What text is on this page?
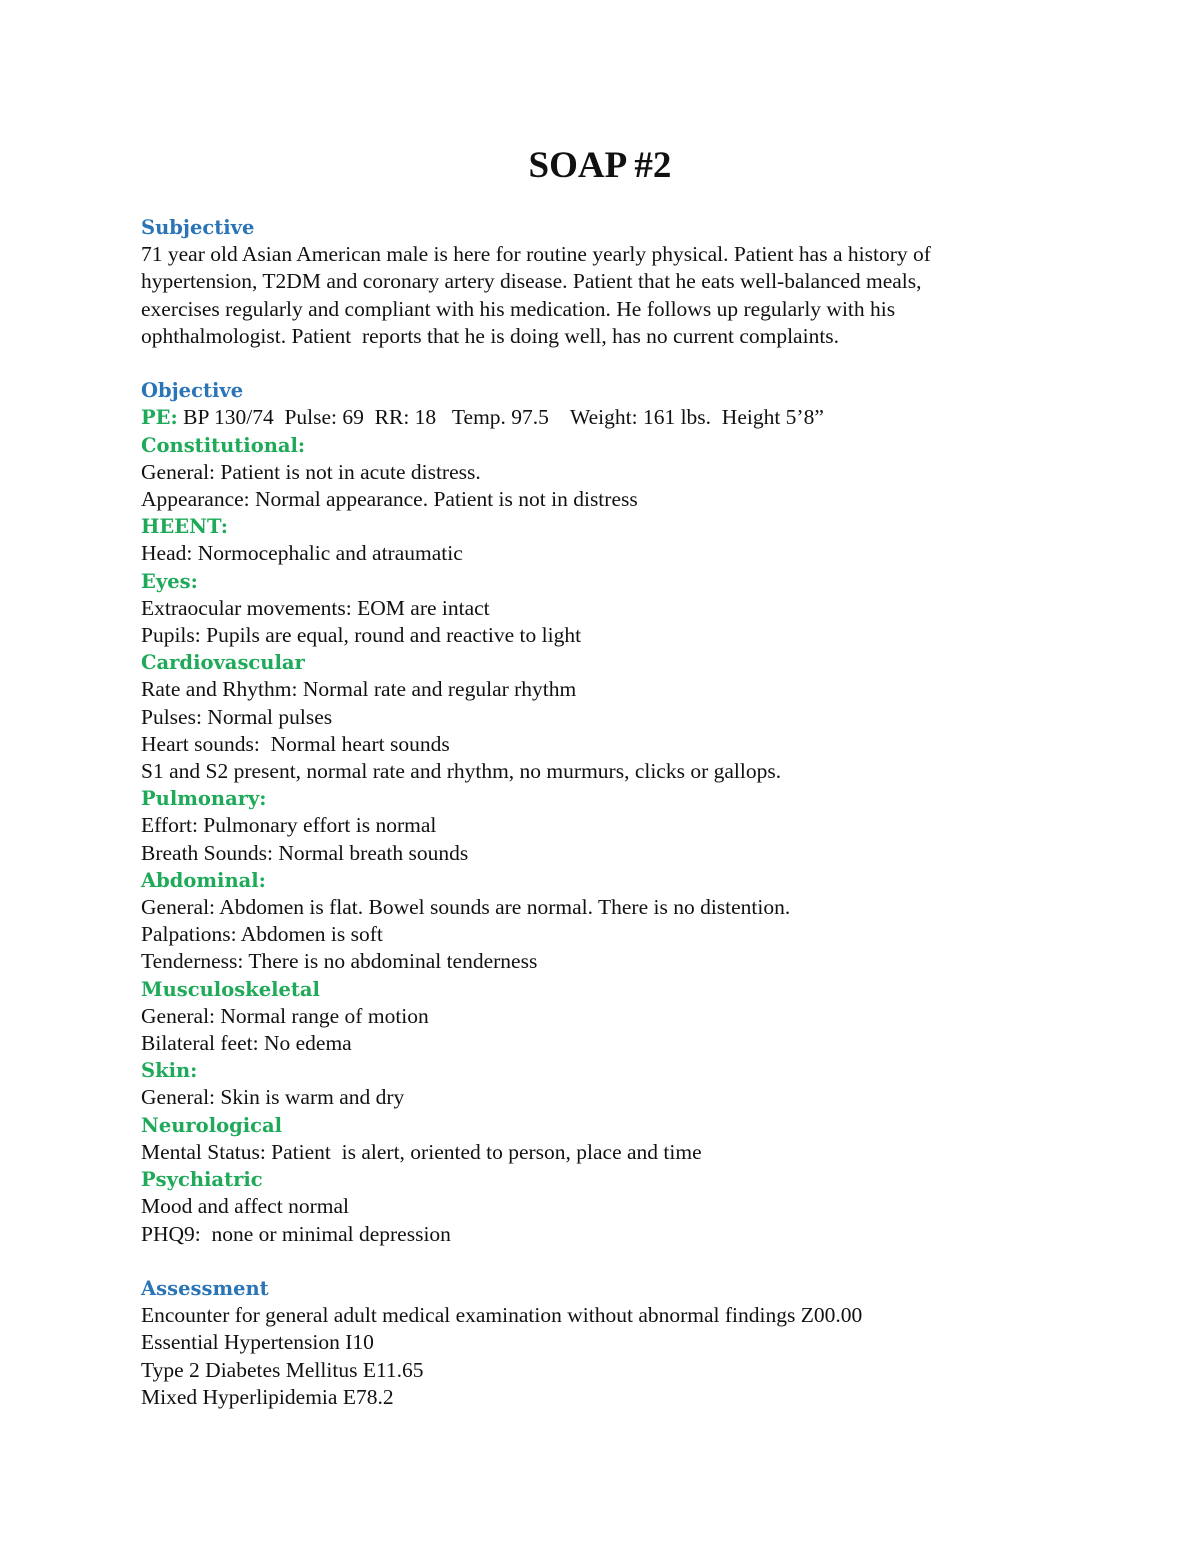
SOAP #2
Subjective
71 year old Asian American male is here for routine yearly physical. Patient has a history of
hypertension, T2DM and coronary artery disease. Patient that he eats well-balanced meals,
exercises regularly and compliant with his medication. He follows up regularly with his
ophthalmologist. Patient  reports that he is doing well, has no current complaints.
Objective
PE: BP 130/74  Pulse: 69  RR: 18   Temp. 97.5    Weight: 161 lbs.  Height 5’8”
Constitutional:
General: Patient is not in acute distress.
Appearance: Normal appearance. Patient is not in distress
HEENT:
Head: Normocephalic and atraumatic
Eyes:
Extraocular movements: EOM are intact
Pupils: Pupils are equal, round and reactive to light
Cardiovascular
Rate and Rhythm: Normal rate and regular rhythm
Pulses: Normal pulses
Heart sounds:  Normal heart sounds
S1 and S2 present, normal rate and rhythm, no murmurs, clicks or gallops.
Pulmonary:
Effort: Pulmonary effort is normal
Breath Sounds: Normal breath sounds
Abdominal:
General: Abdomen is flat. Bowel sounds are normal. There is no distention.
Palpations: Abdomen is soft
Tenderness: There is no abdominal tenderness
Musculoskeletal
General: Normal range of motion
Bilateral feet: No edema
Skin:
General: Skin is warm and dry
Neurological
Mental Status: Patient  is alert, oriented to person, place and time
Psychiatric
Mood and affect normal
PHQ9:  none or minimal depression
Assessment
Encounter for general adult medical examination without abnormal findings Z00.00
Essential Hypertension I10
Type 2 Diabetes Mellitus E11.65
Mixed Hyperlipidemia E78.2
